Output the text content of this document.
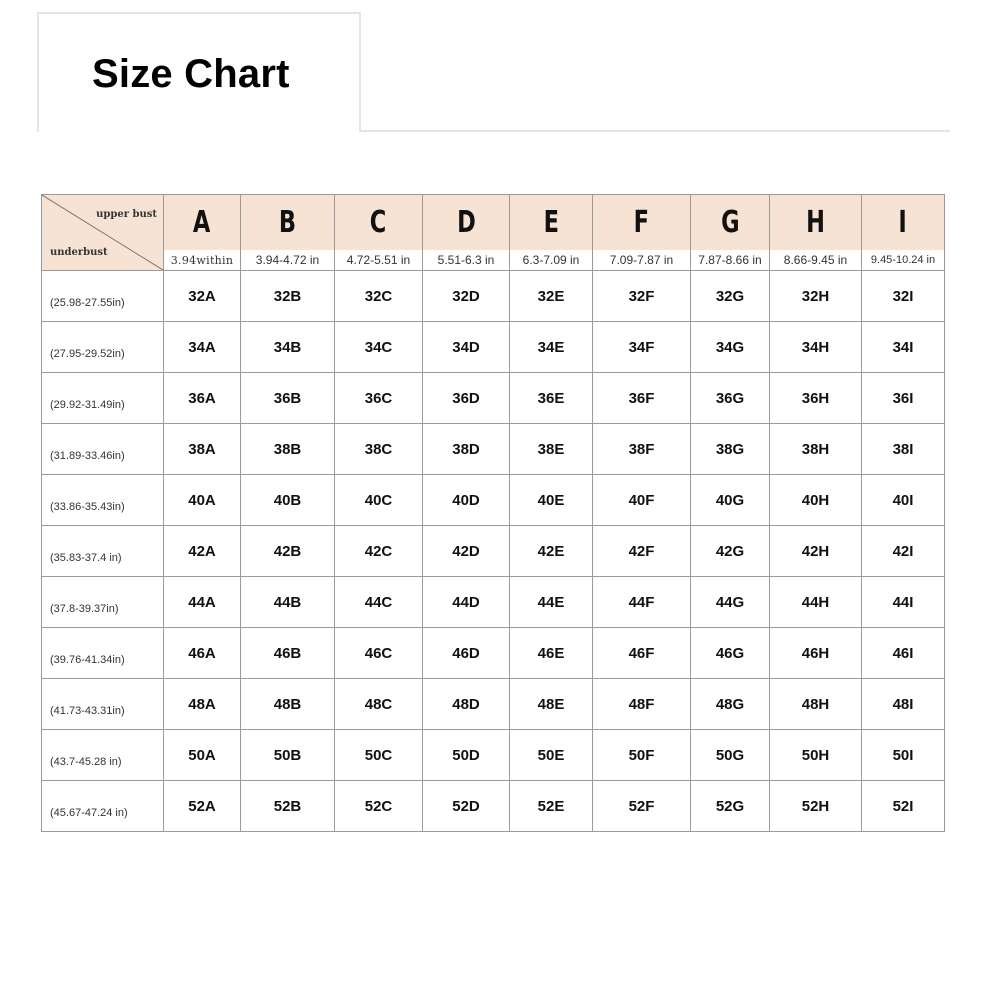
Size Chart
upper bust
underbust	A	B	C	D	E	F	G	H	I
	3.94within	3.94-4.72 in	4.72-5.51 in	5.51-6.3 in	6.3-7.09 in	7.09-7.87 in	7.87-8.66 in	8.66-9.45 in	9.45-10.24 in
(25.98-27.55in)	32A	32B	32C	32D	32E	32F	32G	32H	32I
(27.95-29.52in)	34A	34B	34C	34D	34E	34F	34G	34H	34I
(29.92-31.49in)	36A	36B	36C	36D	36E	36F	36G	36H	36I
(31.89-33.46in)	38A	38B	38C	38D	38E	38F	38G	38H	38I
(33.86-35.43in)	40A	40B	40C	40D	40E	40F	40G	40H	40I
(35.83-37.4 in)	42A	42B	42C	42D	42E	42F	42G	42H	42I
(37.8-39.37in)	44A	44B	44C	44D	44E	44F	44G	44H	44I
(39.76-41.34in)	46A	46B	46C	46D	46E	46F	46G	46H	46I
(41.73-43.31in)	48A	48B	48C	48D	48E	48F	48G	48H	48I
(43.7-45.28 in)	50A	50B	50C	50D	50E	50F	50G	50H	50I
(45.67-47.24 in)	52A	52B	52C	52D	52E	52F	52G	52H	52I
